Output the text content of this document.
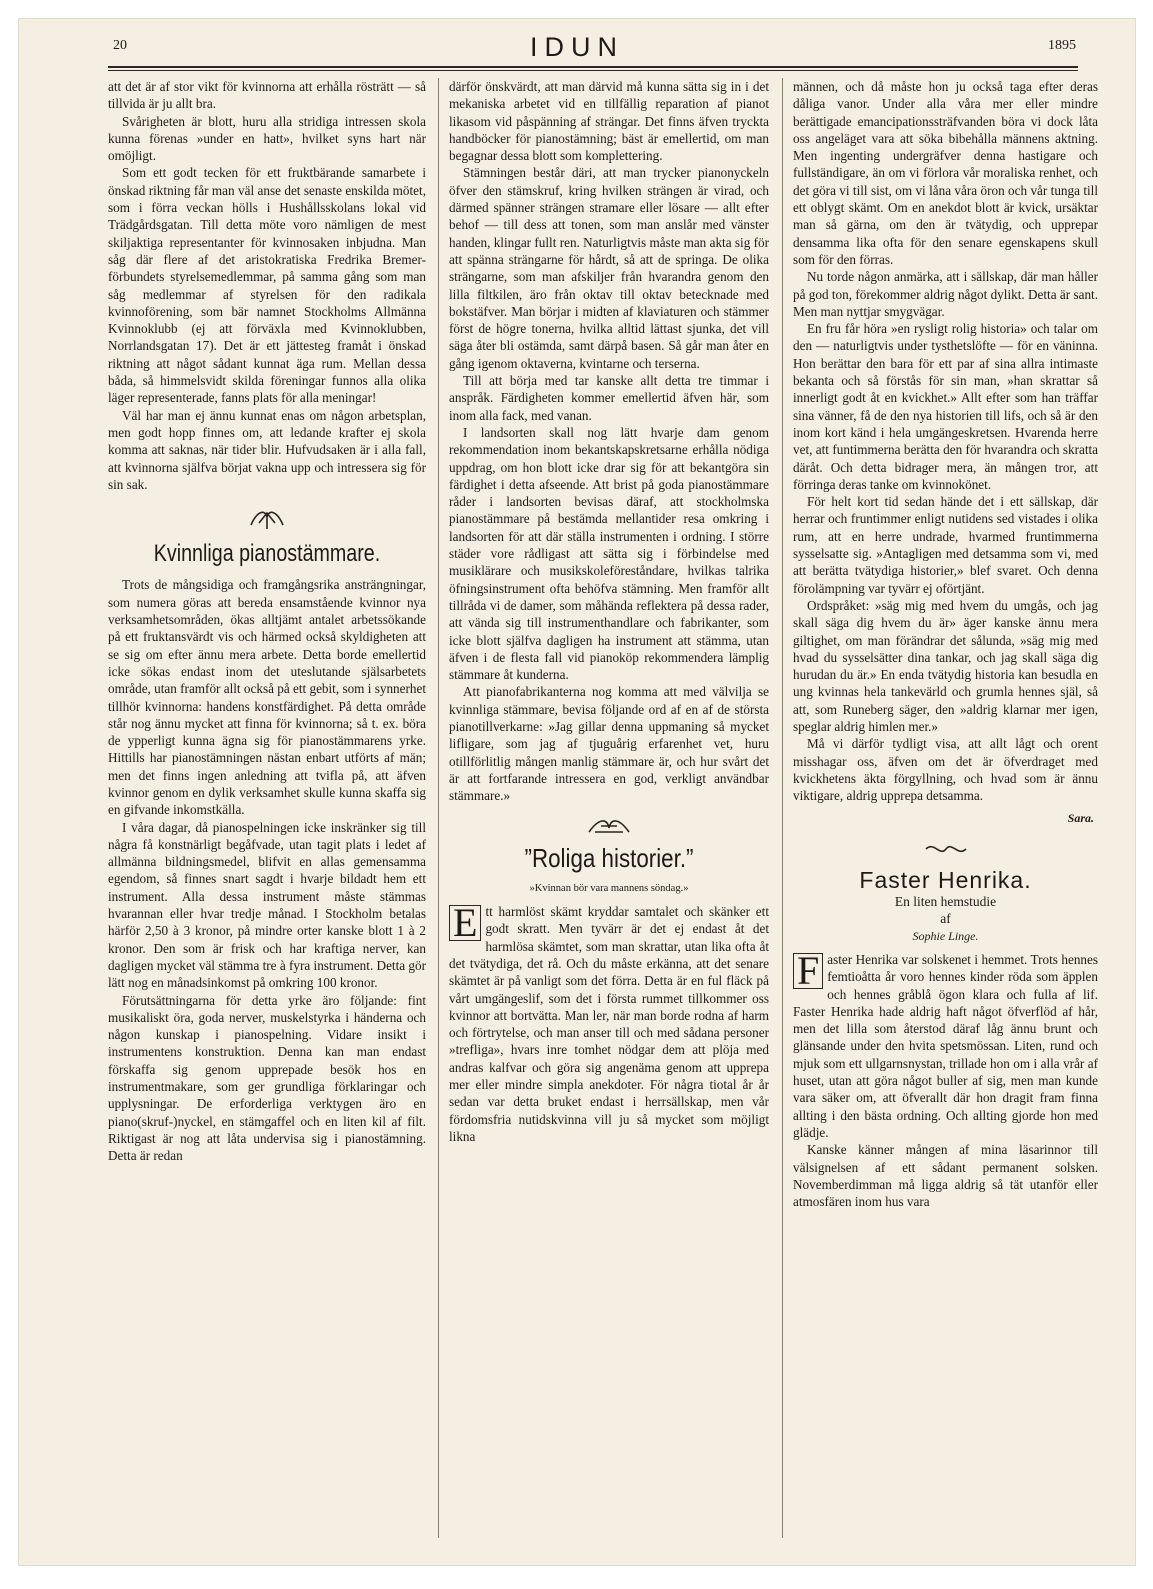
20	IDUN	1895

att det är af stor vikt för kvinnorna att erhålla rösträtt — så tillvida är ju allt bra.

Svårigheten är blott, huru alla stridiga intressen skola kunna förenas »under en hatt», hvilket syns hart när omöjligt.

Som ett godt tecken för ett fruktbärande samarbete i önskad riktning får man väl anse det senaste enskilda mötet, som i förra veckan hölls i Hushållsskolans lokal vid Trädgårdsgatan. Till detta möte voro nämligen de mest skiljaktiga representanter för kvinnosaken inbjudna. Man såg där flere af det aristokratiska Fredrika Bremer-förbundets styrelsemedlemmar, på samma gång som man såg medlemmar af styrelsen för den radikala kvinnoförening, som bär namnet Stockholms Allmänna Kvinnoklubb (ej att förväxla med Kvinnoklubben, Norrlandsgatan 17). Det är ett jättesteg framåt i önskad riktning att något sådant kunnat äga rum. Mellan dessa båda, så himmelsvidt skilda föreningar funnos alla olika läger representerade, fanns plats för alla meningar!

Väl har man ej ännu kunnat enas om någon arbetsplan, men godt hopp finnes om, att ledande krafter ej skola komma att saknas, när tider blir. Hufvudsaken är i alla fall, att kvinnorna själfva börjat vakna upp och intressera sig för sin sak.

Kvinnliga pianostämmare.

Trots de mångsidiga och framgångsrika ansträngningar, som numera göras att bereda ensamstående kvinnor nya verksamhetsområden, ökas alltjämt antalet arbetssökande på ett fruktansvärdt vis och härmed också skyldigheten att se sig om efter ännu mera arbete. Detta borde emellertid icke sökas endast inom det uteslutande själsarbetets område, utan framför allt också på ett gebit, som i synnerhet tillhör kvinnorna: handens konstfärdighet. På detta område står nog ännu mycket att finna för kvinnorna; så t. ex. böra de ypperligt kunna ägna sig för pianostämmarens yrke. Hittills har pianostämningen nästan enbart utförts af män; men det finns ingen anledning att tvifla på, att äfven kvinnor genom en dylik verksamhet skulle kunna skaffa sig en gifvande inkomstkälla.

I våra dagar, då pianospelningen icke inskränker sig till några få konstnärligt begåfvade, utan tagit plats i ledet af allmänna bildningsmedel, blifvit en allas gemensamma egendom, så finnes snart sagdt i hvarje bildadt hem ett instrument. Alla dessa instrument måste stämmas hvarannan eller hvar tredje månad. I Stockholm betalas härför 2,50 à 3 kronor, på mindre orter kanske blott 1 à 2 kronor. Den som är frisk och har kraftiga nerver, kan dagligen mycket väl stämma tre à fyra instrument. Detta gör lätt nog en månadsinkomst på omkring 100 kronor.

Förutsättningarna för detta yrke äro följande: fint musikaliskt öra, goda nerver, muskelstyrka i händerna och någon kunskap i pianospelning. Vidare insikt i instrumentens konstruktion. Denna kan man endast förskaffa sig genom upprepade besök hos en instrumentmakare, som ger grundliga förklaringar och upplysningar. De erforderliga verktygen äro en piano(skruf-)nyckel, en stämgaffel och en liten kil af filt. Riktigast är nog att låta undervisa sig i pianostämning. Detta är redan

därför önskvärdt, att man därvid må kunna sätta sig in i det mekaniska arbetet vid en tillfällig reparation af pianot likasom vid påspänning af strängar. Det finns äfven tryckta handböcker för pianostämning; bäst är emellertid, om man begagnar dessa blott som komplettering.

Stämningen består däri, att man trycker pianonyckeln öfver den stämskruf, kring hvilken strängen är virad, och därmed spänner strängen stramare eller lösare — allt efter behof — till dess att tonen, som man anslår med vänster handen, klingar fullt ren. Naturligtvis måste man akta sig för att spänna strängarne för hårdt, så att de springa. De olika strängarne, som man afskiljer från hvarandra genom den lilla filtkilen, äro från oktav till oktav betecknade med bokstäfver. Man börjar i midten af klaviaturen och stämmer först de högre tonerna, hvilka alltid lättast sjunka, det vill säga åter bli ostämda, samt därpå basen. Så går man åter en gång igenom oktaverna, kvintarne och terserna.

Till att börja med tar kanske allt detta tre timmar i anspråk. Färdigheten kommer emellertid äfven här, som inom alla fack, med vanan.

I landsorten skall nog lätt hvarje dam genom rekommendation inom bekantskapskretsarne erhålla nödiga uppdrag, om hon blott icke drar sig för att bekantgöra sin färdighet i detta afseende. Att brist på goda pianostämmare råder i landsorten bevisas däraf, att stockholmska pianostämmare på bestämda mellantider resa omkring i landsorten för att där ställa instrumenten i ordning. I större städer vore rådligast att sätta sig i förbindelse med musiklärare och musikskoleföreståndare, hvilkas talrika öfningsinstrument ofta behöfva stämning. Men framför allt tillråda vi de damer, som måhända reflektera på dessa rader, att vända sig till instrumenthandlare och fabrikanter, som icke blott själfva dagligen ha instrument att stämma, utan äfven i de flesta fall vid pianoköp rekommendera lämplig stämmare åt kunderna.

Att pianofabrikanterna nog komma att med välvilja se kvinnliga stämmare, bevisa följande ord af en af de största pianotillverkarne: »Jag gillar denna uppmaning så mycket lifligare, som jag af tjuguårig erfarenhet vet, huru otillförlitlig mången manlig stämmare är, och hur svårt det är att fortfarande intressera en god, verkligt användbar stämmare.»

”Roliga historier.”

»Kvinnan bör vara mannens söndag.»

E tt harmlöst skämt kryddar samtalet och skänker ett godt skratt. Men tyvärr är det ej endast åt det harmlösa skämtet, som man skrattar, utan lika ofta åt det tvätydiga, det rå. Och du måste erkänna, att det senare skämtet är på vanligt som det förra. Detta är en ful fläck på vårt umgängeslif, som det i första rummet tillkommer oss kvinnor att bortvätta. Man ler, när man borde rodna af harm och förtrytelse, och man anser till och med sådana personer »trefliga», hvars inre tomhet nödgar dem att plöja med andras kalfvar och göra sig angenäma genom att upprepa mer eller mindre simpla anekdoter. För några tiotal år år sedan var detta bruket endast i herrsällskap, men vår fördomsfria nutidskvinna vill ju så mycket som möjligt likna

männen, och då måste hon ju också taga efter deras dåliga vanor. Under alla våra mer eller mindre berättigade emancipationssträfvanden böra vi dock låta oss angeläget vara att söka bibehålla männens aktning. Men ingenting undergräfver denna hastigare och fullständigare, än om vi förlora vår moraliska renhet, och det göra vi till sist, om vi låna våra öron och vår tunga till ett oblygt skämt. Om en anekdot blott är kvick, ursäktar man så gärna, om den är tvätydig, och upprepar densamma lika ofta för den senare egenskapens skull som för den förras.

Nu torde någon anmärka, att i sällskap, där man håller på god ton, förekommer aldrig något dylikt. Detta är sant. Men man nyttjar smygvägar.

En fru får höra »en rysligt rolig historia» och talar om den — naturligtvis under tysthetslöfte — för en väninna. Hon berättar den bara för ett par af sina allra intimaste bekanta och så förstås för sin man, »han skrattar så innerligt godt åt en kvickhet.» Allt efter som han träffar sina vänner, få de den nya historien till lifs, och så är den inom kort känd i hela umgängeskretsen. Hvarenda herre vet, att funtimmerna berätta den för hvarandra och skratta däråt. Och detta bidrager mera, än mången tror, att förringa deras tanke om kvinnokönet.

För helt kort tid sedan hände det i ett sällskap, där herrar och fruntimmer enligt nutidens sed vistades i olika rum, att en herre undrade, hvarmed fruntimmerna sysselsatte sig. »Antagligen med detsamma som vi, med att berätta tvätydiga historier,» blef svaret. Och denna förolämpning var tyvärr ej oförtjänt.

Ordspråket: »säg mig med hvem du umgås, och jag skall säga dig hvem du är» äger kanske ännu mera giltighet, om man förändrar det sålunda, »säg mig med hvad du sysselsätter dina tankar, och jag skall säga dig hurudan du är.» En enda tvätydig historia kan besudla en ung kvinnas hela tankevärld och grumla hennes själ, så att, som Runeberg säger, den »aldrig klarnar mer igen, speglar aldrig himlen mer.»

Må vi därför tydligt visa, att allt lågt och orent misshagar oss, äfven om det är öfverdraget med kvickhetens äkta förgyllning, och hvad som är ännu viktigare, aldrig upprepa detsamma.

Sara.
Faster Henrika.

En liten hemstudie

af

Sophie Linge.

F aster Henrika var solskenet i hemmet. Trots hennes femtioåtta år voro hennes kinder röda som äpplen och hennes gråblå ögon klara och fulla af lif. Faster Henrika hade aldrig haft något öfverflöd af hår, men det lilla som återstod däraf låg ännu brunt och glänsande under den hvita spetsmössan. Liten, rund och mjuk som ett ullgarnsnystan, trillade hon om i alla vrår af huset, utan att göra något buller af sig, men man kunde vara säker om, att öfverallt där hon dragit fram finna allting i den bästa ordning. Och allting gjorde hon med glädje.

Kanske känner mången af mina läsarinnor till välsignelsen af ett sådant permanent solsken. Novemberdimman må ligga aldrig så tät utanför eller atmosfären inom hus vara
